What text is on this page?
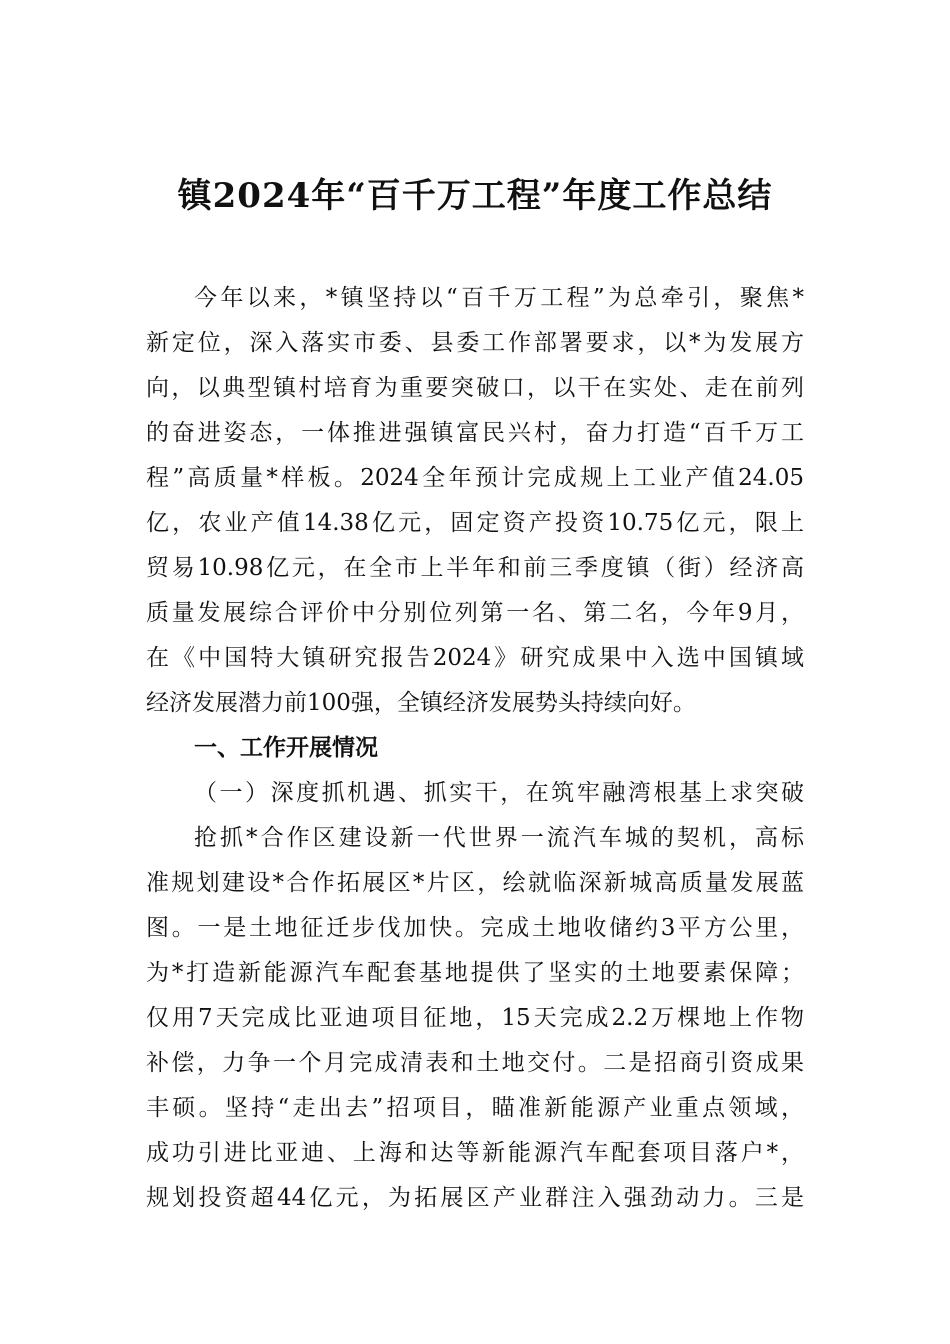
镇2024年“百千万工程”年度工作总结
今年以来，*镇坚持以“百千万工程”为总牵引，聚焦*
新定位，深入落实市委、县委工作部署要求，以*为发展方
向，以典型镇村培育为重要突破口，以干在实处、走在前列
的奋进姿态，一体推进强镇富民兴村，奋力打造“百千万工
程”高质量*样板。2024全年预计完成规上工业产值24.05
亿，农业产值14.38亿元，固定资产投资10.75亿元，限上
贸易10.98亿元，在全市上半年和前三季度镇（街）经济高
质量发展综合评价中分别位列第一名、第二名，今年9月，
在《中国特大镇研究报告2024》研究成果中入选中国镇域
经济发展潜力前100强，全镇经济发展势头持续向好。
一、工作开展情况
（一）深度抓机遇、抓实干，在筑牢融湾根基上求突破
抢抓*合作区建设新一代世界一流汽车城的契机，高标
准规划建设*合作拓展区*片区，绘就临深新城高质量发展蓝
图。一是土地征迁步伐加快。完成土地收储约3平方公里，
为*打造新能源汽车配套基地提供了坚实的土地要素保障；
仅用7天完成比亚迪项目征地，15天完成2.2万棵地上作物
补偿，力争一个月完成清表和土地交付。二是招商引资成果
丰硕。坚持“走出去”招项目，瞄准新能源产业重点领域，
成功引进比亚迪、上海和达等新能源汽车配套项目落户*，
规划投资超44亿元，为拓展区产业群注入强劲动力。三是
